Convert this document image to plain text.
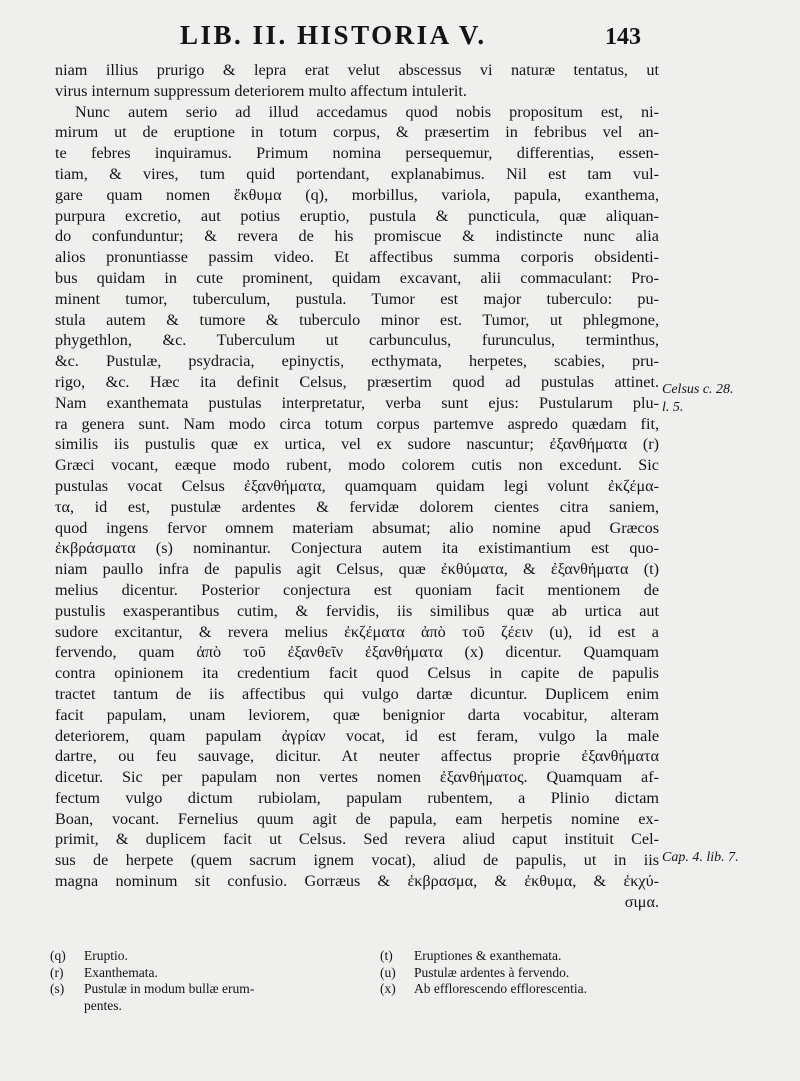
LIB. II. HISTORIA V.	143
niam illius prurigo & lepra erat velut abscessus vi naturæ tentatus, ut
virus internum suppressum deteriorem multo affectum intulerit.
Nunc autem serio ad illud accedamus quod nobis propositum est, ni-
mirum ut de eruptione in totum corpus, & præsertim in febribus vel an-
te febres inquiramus. Primum nomina persequemur, differentias, essen-
tiam, & vires, tum quid portendant, explanabimus. Nil est tam vul-
gare quam nomen ἔκθυμα (q), morbillus, variola, papula, exanthema,
purpura excretio, aut potius eruptio, pustula & puncticula, quæ aliquan-
do confunduntur; & revera de his promiscue & indistincte nunc alia
alios pronuntiasse passim video. Et affectibus summa corporis obsidenti-
bus quidam in cute prominent, quidam excavant, alii commaculant: Pro-
minent tumor, tuberculum, pustula. Tumor est major tuberculo: pu-
stula autem & tumore & tuberculo minor est. Tumor, ut phlegmone,
phygethlon, &c. Tuberculum ut carbunculus, furunculus, terminthus,
&c. Pustulæ, psydracia, epinyctis, ecthymata, herpetes, scabies, pru-
rigo, &c. Hæc ita definit Celsus, præsertim quod ad pustulas attinet.
Nam exanthemata pustulas interpretatur, verba sunt ejus: Pustularum plu-
ra genera sunt. Nam modo circa totum corpus partemve aspredo quædam fit,
similis iis pustulis quæ ex urtica, vel ex sudore nascuntur; ἐξανθήματα (r)
Græci vocant, eæque modo rubent, modo colorem cutis non excedunt. Sic
pustulas vocat Celsus ἐξανθήματα, quamquam quidam legi volunt ἐκζέμα-
τα, id est, pustulæ ardentes & fervidæ dolorem cientes citra saniem,
quod ingens fervor omnem materiam absumat; alio nomine apud Græcos
ἐκβράσματα (s) nominantur. Conjectura autem ita existimantium est quo-
niam paullo infra de papulis agit Celsus, quæ ἐκθύματα, & ἐξανθήματα (t)
melius dicentur. Posterior conjectura est quoniam facit mentionem de
pustulis exasperantibus cutim, & fervidis, iis similibus quæ ab urtica aut
sudore excitantur, & revera melius ἐκζέματα ἀπὸ τοῦ ζέειν (u), id est a
fervendo, quam ἀπὸ τοῦ ἐξανθεῖν ἐξανθήματα (x) dicentur. Quamquam
contra opinionem ita credentium facit quod Celsus in capite de papulis
tractet tantum de iis affectibus qui vulgo dartæ dicuntur. Duplicem enim
facit papulam, unam leviorem, quæ benignior darta vocabitur, alteram
deteriorem, quam papulam ἀγρίαν vocat, id est feram, vulgo la male
dartre, ou feu sauvage, dicitur. At neuter affectus proprie ἐξανθήματα
dicetur. Sic per papulam non vertes nomen ἐξανθήματος. Quamquam af-
fectum vulgo dictum rubiolam, papulam rubentem, a Plinio dictam
Boan, vocant. Fernelius quum agit de papula, eam herpetis nomine ex-
primit, & duplicem facit ut Celsus. Sed revera aliud caput instituit Cel-
sus de herpete (quem sacrum ignem vocat), aliud de papulis, ut in iis
magna nominum sit confusio. Gorræus & ἐκβρασμα, & ἐκθυμα, & ἐκχύ-
σιμα.
Celsus c. 28.
l. 5.
Cap. 4. lib. 7.
(q) Eruptio.
(r) Exanthemata.
(s) Pustulæ in modum bullæ erum-
pentes.
(t) Eruptiones & exanthemata.
(u) Pustulæ ardentes à fervendo.
(x) Ab efflorescendo efflorescentia.
